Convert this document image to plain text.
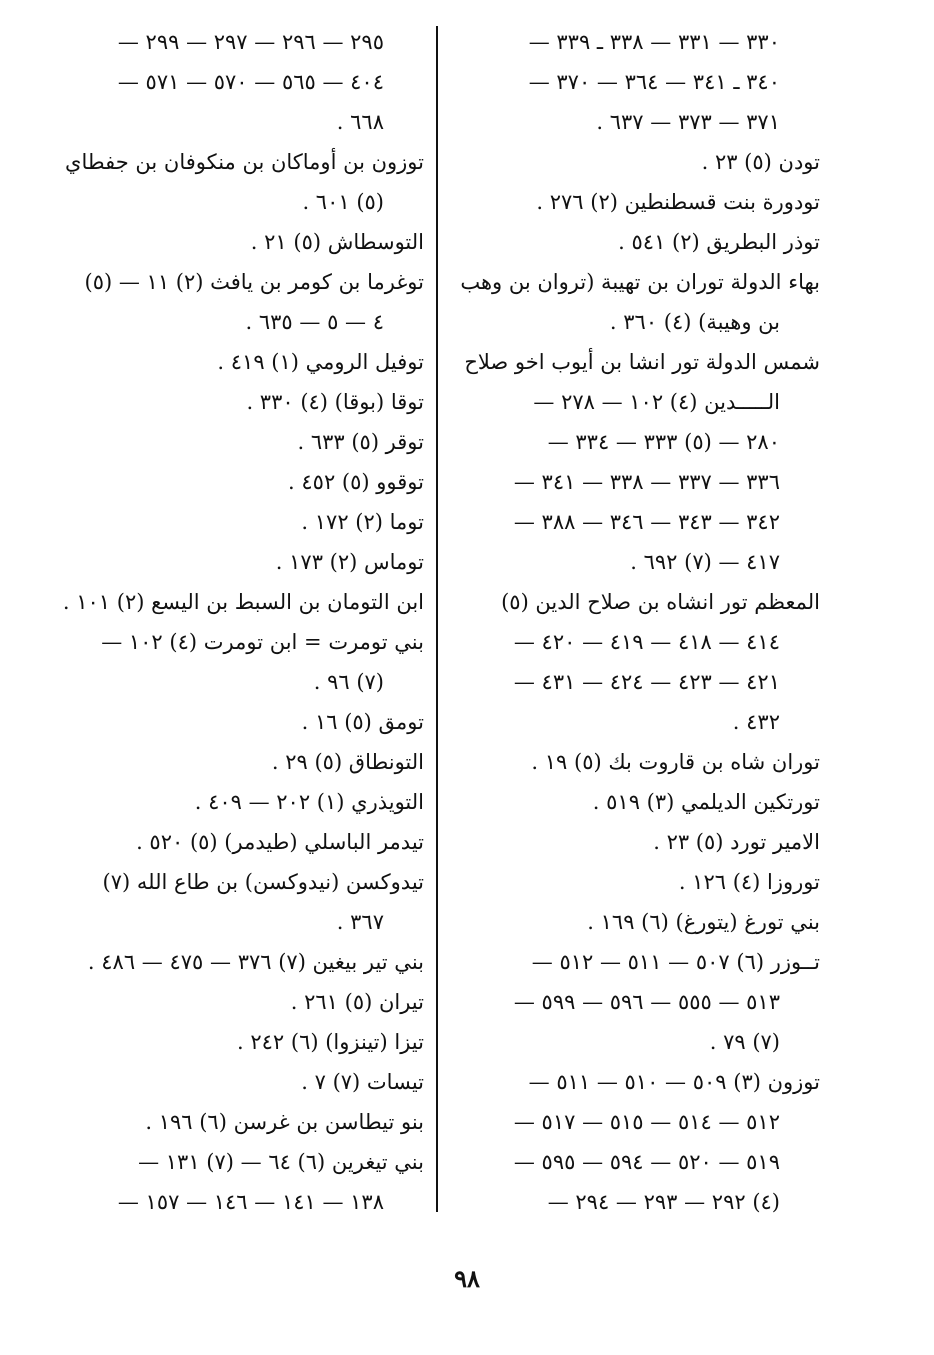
٣٣٠ — ٣٣١ — ٣٣٨ ـ ٣٣٩ —
٣٤٠ ـ ٣٤١ — ٣٦٤ — ٣٧٠ —
٣٧١ — ٣٧٣ — ٦٣٧ .
تودن (٥) ٢٣ .
تودورة بنت قسطنطين (٢) ٢٧٦ .
توذر البطريق (٢) ٥٤١ .
بهاء الدولة توران بن تهيبة (تروان بن وهب
بن وهيبة) (٤) ٣٦٠ .
شمس الدولة تور انشا بن أيوب اخو صلاح
الـــــدين (٤) ١٠٢ — ٢٧٨ —
٢٨٠ — (٥) ٣٣٣ — ٣٣٤ —
٣٣٦ — ٣٣٧ — ٣٣٨ — ٣٤١ —
٣٤٢ — ٣٤٣ — ٣٤٦ — ٣٨٨ —
٤١٧ — (٧) ٦٩٢ .
المعظم تور انشاه بن صلاح الدين (٥)
٤١٤ — ٤١٨ — ٤١٩ — ٤٢٠ —
٤٢١ — ٤٢٣ — ٤٢٤ — ٤٣١ —
٤٣٢ .
توران شاه بن قاروت بك (٥) ١٩ .
تورتكين الديلمي (٣) ٥١٩ .
الامير تورد (٥) ٢٣ .
توروزا (٤) ١٢٦ .
بني تورغ (يتورغ) (٦) ١٦٩ .
تــوزر (٦) ٥٠٧ — ٥١١ — ٥١٢ —
٥١٣ — ٥٥٥ — ٥٩٦ — ٥٩٩ —
(٧) ٧٩ .
توزون (٣) ٥٠٩ — ٥١٠ — ٥١١ —
٥١٢ — ٥١٤ — ٥١٥ — ٥١٧ —
٥١٩ — ٥٢٠ — ٥٩٤ — ٥٩٥ —
(٤) ٢٩٢ — ٢٩٣ — ٢٩٤ —
٢٩٥ — ٢٩٦ — ٢٩٧ — ٢٩٩ —
٤٠٤ — ٥٦٥ — ٥٧٠ — ٥٧١ —
٦٦٨ .
توزون بن أوماكان بن منكوفان بن جفطاي
(٥) ٦٠١ .
التوسطاش (٥) ٢١ .
توغرما بن كومر بن يافث (٢) ١١ — (٥)
٤ — ٥ — ٦٣٥ .
توفيل الرومي (١) ٤١٩ .
توقا (بوقا) (٤) ٣٣٠ .
توقر (٥) ٦٣٣ .
توقوو (٥) ٤٥٢ .
توما (٢) ١٧٢ .
توماس (٢) ١٧٣ .
ابن التومان بن السبط بن اليسع (٢) ١٠١ .
بني تومرت = ابن تومرت (٤) ١٠٢ —
(٧) ٩٦ .
تومق (٥) ١٦ .
التونطاق (٥) ٢٩ .
التويذري (١) ٢٠٢ — ٤٠٩ .
تيدمر الباسلي (طيدمر) (٥) ٥٢٠ .
تيدوكسن (نيدوكسن) بن طاع الله (٧)
٣٦٧ .
بني تير بيغين (٧) ٣٧٦ — ٤٧٥ — ٤٨٦ .
تيران (٥) ٢٦١ .
تيزا (تينزوا) (٦) ٢٤٢ .
تيسات (٧) ٧ .
بنو تيطاسن بن غرسن (٦) ١٩٦ .
بني تيغرين (٦) ٦٤ — (٧) ١٣١ —
١٣٨ — ١٤١ — ١٤٦ — ١٥٧ —
٩٨
